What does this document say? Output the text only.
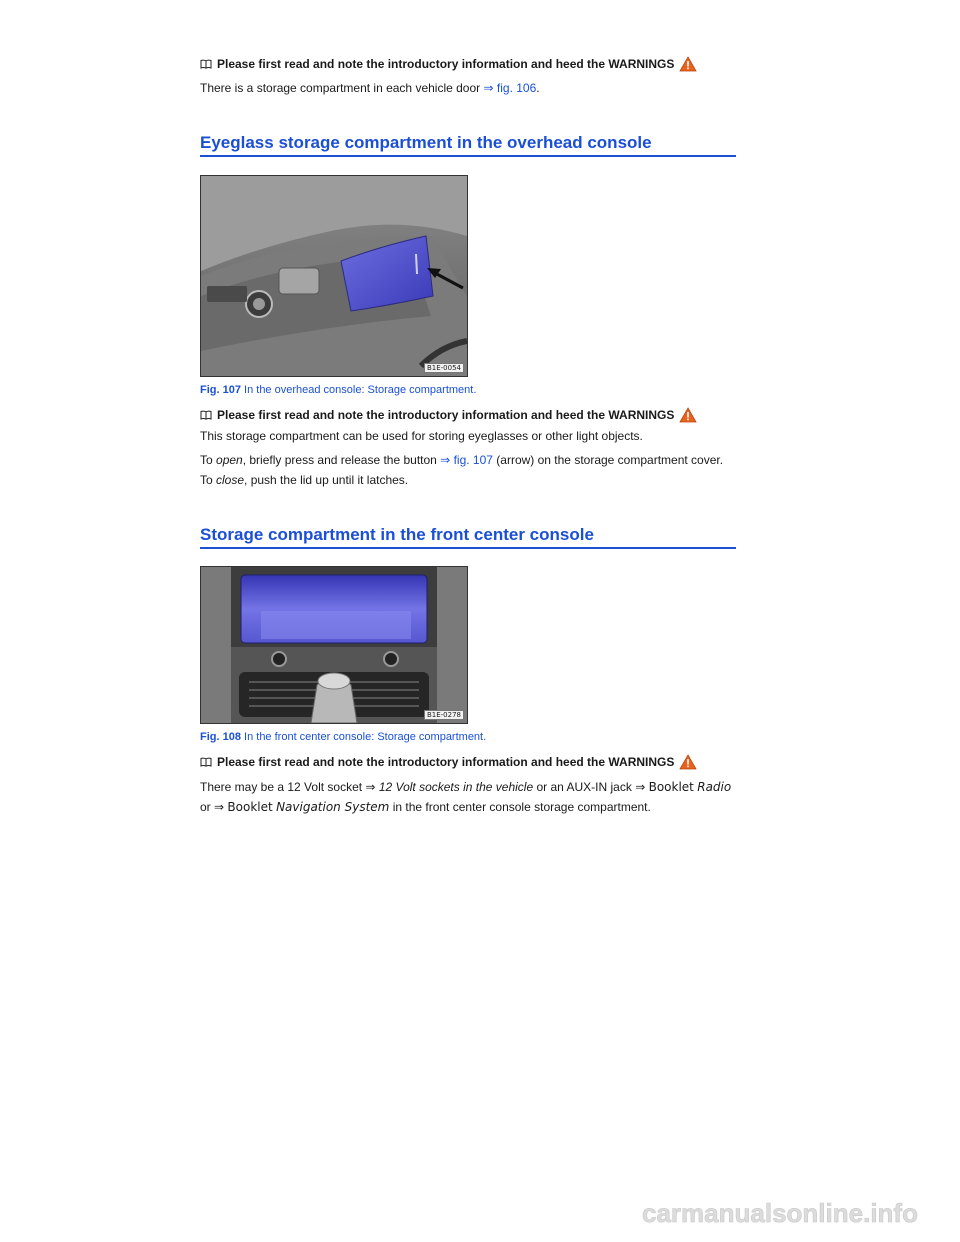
Please first read and note the introductory information and heed the WARNINGS
There is a storage compartment in each vehicle door ⇒ fig. 106.
Eyeglass storage compartment in the overhead console
B1E-0054
Fig. 107 In the overhead console: Storage compartment.
Please first read and note the introductory information and heed the WARNINGS
This storage compartment can be used for storing eyeglasses or other light objects.
To open, briefly press and release the button ⇒ fig. 107 (arrow) on the storage compartment cover.
To close, push the lid up until it latches.
Storage compartment in the front center console
B1E-0278
Fig. 108 In the front center console: Storage compartment.
Please first read and note the introductory information and heed the WARNINGS
There may be a 12 Volt socket ⇒ 12 Volt sockets in the vehicle or an AUX-IN jack ⇒ Booklet Radio
or ⇒ Booklet Navigation System in the front center console storage compartment.
carmanualsonline.info
